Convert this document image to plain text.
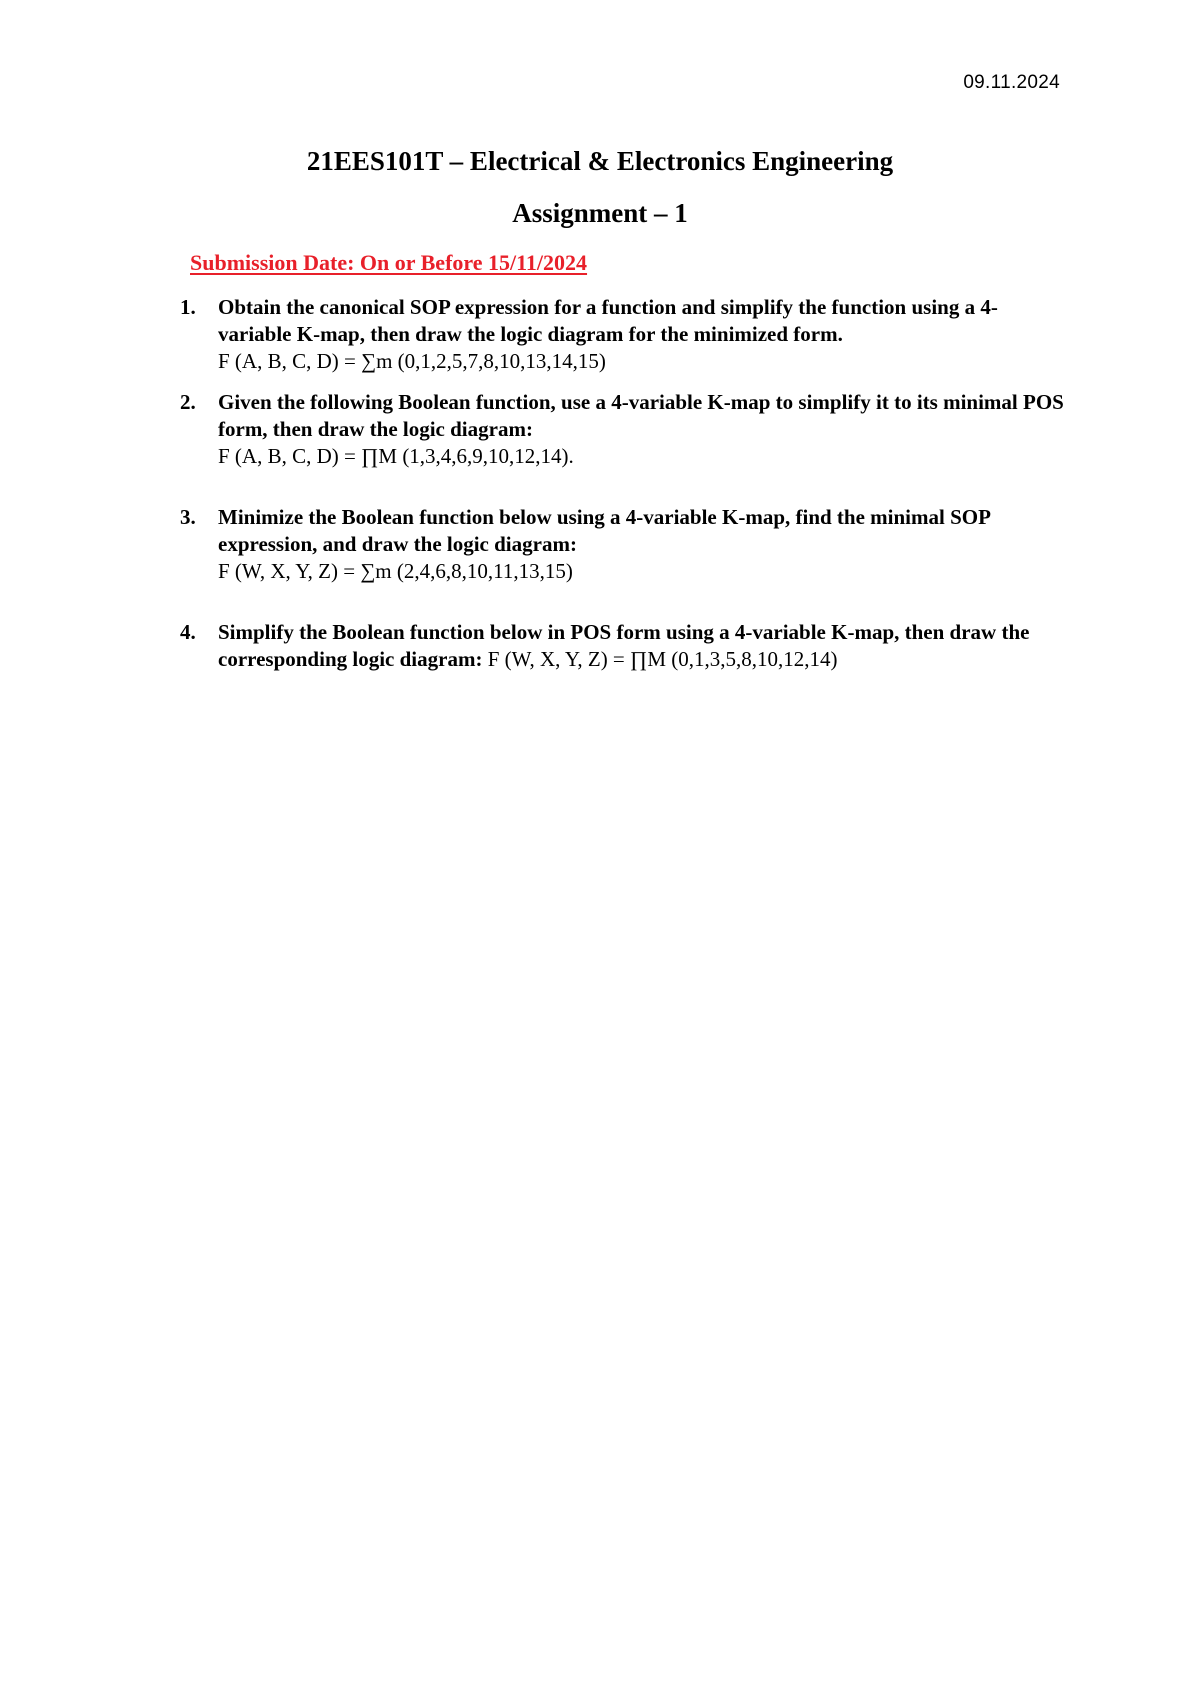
09.11.2024
21EES101T – Electrical & Electronics Engineering
Assignment – 1
Submission Date: On or Before 15/11/2024
1. Obtain the canonical SOP expression for a function and simplify the function using a 4-variable K-map, then draw the logic diagram for the minimized form.
F (A, B, C, D) = ∑m (0,1,2,5,7,8,10,13,14,15)
2. Given the following Boolean function, use a 4-variable K-map to simplify it to its minimal POS form, then draw the logic diagram:
F (A, B, C, D) = ∏M (1,3,4,6,9,10,12,14).
3. Minimize the Boolean function below using a 4-variable K-map, find the minimal SOP expression, and draw the logic diagram:
F (W, X, Y, Z) = ∑m (2,4,6,8,10,11,13,15)
4. Simplify the Boolean function below in POS form using a 4-variable K-map, then draw the corresponding logic diagram: F (W, X, Y, Z) = ∏M (0,1,3,5,8,10,12,14)
